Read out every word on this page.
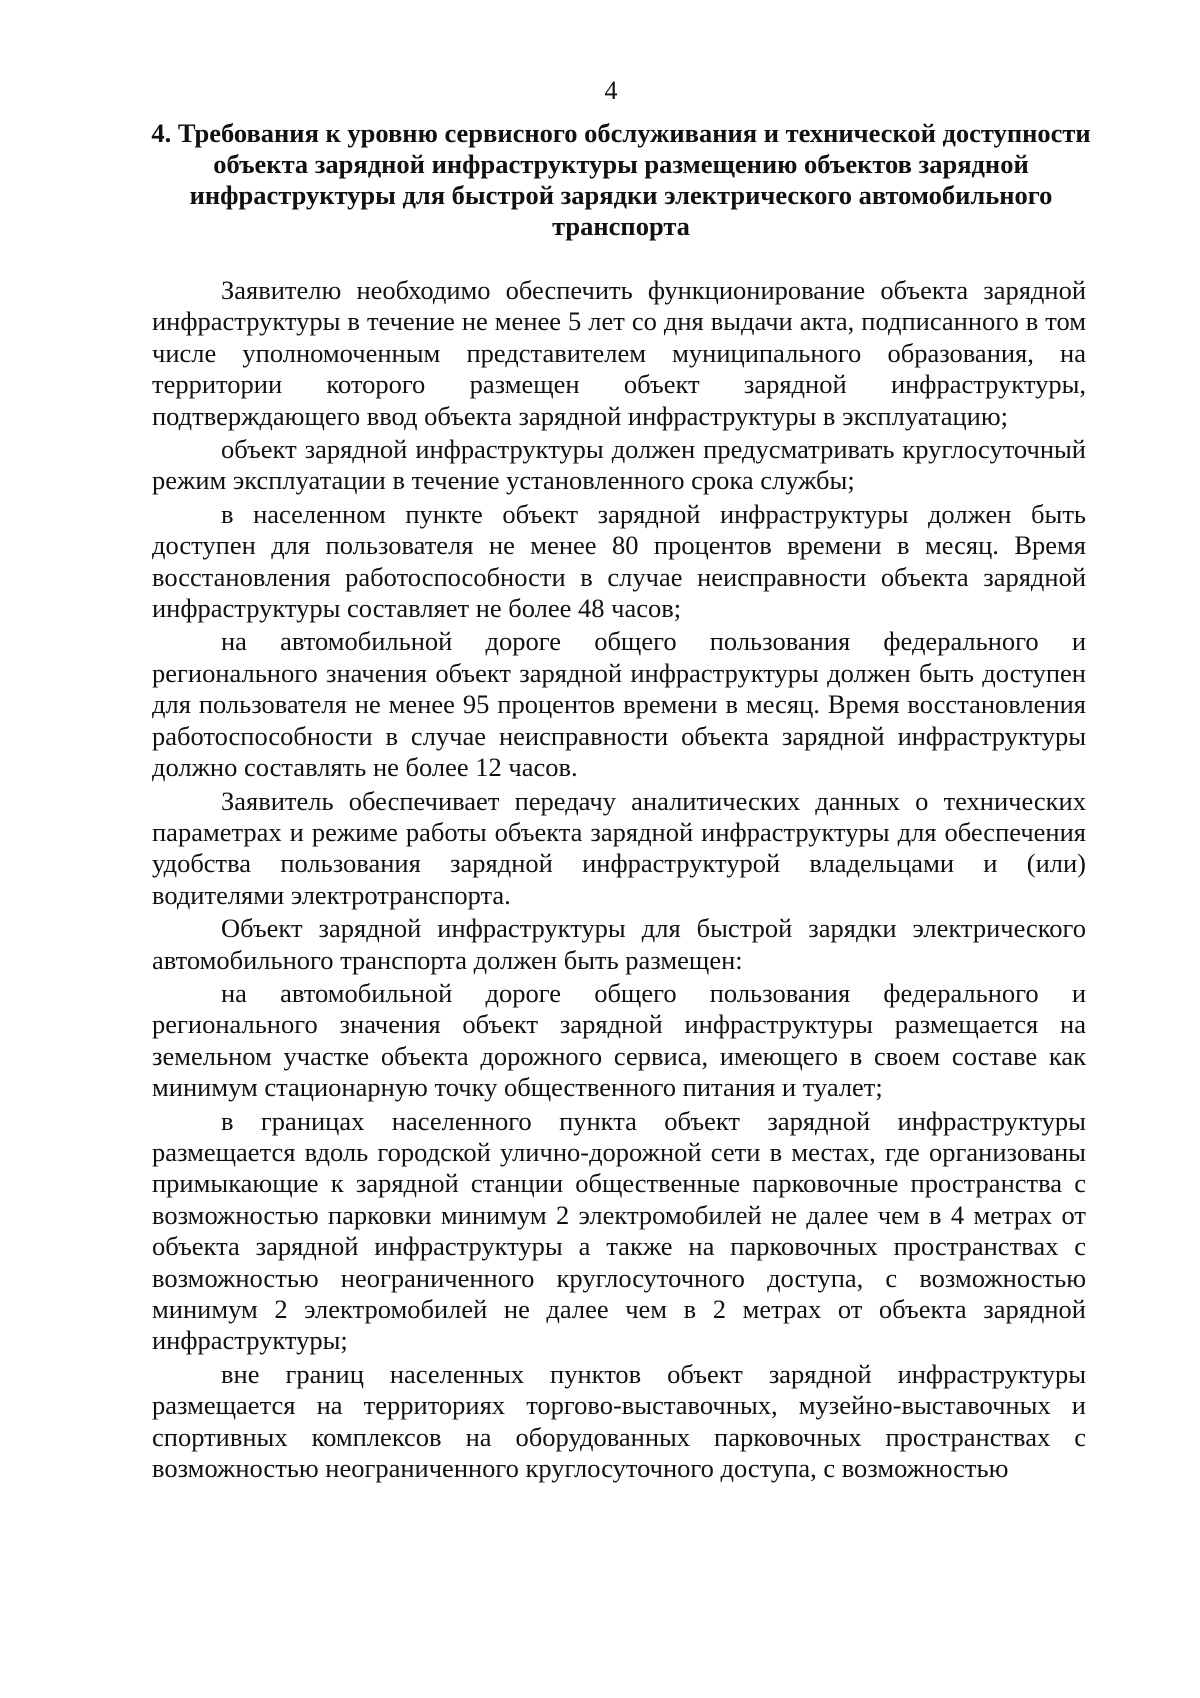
4
4. Требования к уровню сервисного обслуживания и технической доступности объекта зарядной инфраструктуры размещению объектов зарядной инфраструктуры для быстрой зарядки электрического автомобильного транспорта

Заявителю необходимо обеспечить функционирование объекта зарядной инфраструктуры в течение не менее 5 лет со дня выдачи акта, подписанного в том числе уполномоченным представителем муниципального образования, на территории которого размещен объект зарядной инфраструктуры, подтверждающего ввод объекта зарядной инфраструктуры в эксплуатацию;

объект зарядной инфраструктуры должен предусматривать круглосуточный режим эксплуатации в течение установленного срока службы;

в населенном пункте объект зарядной инфраструктуры должен быть доступен для пользователя не менее 80 процентов времени в месяц. Время восстановления работоспособности в случае неисправности объекта зарядной инфраструктуры составляет не более 48 часов;

на автомобильной дороге общего пользования федерального и регионального значения объект зарядной инфраструктуры должен быть доступен для пользователя не менее 95 процентов времени в месяц. Время восстановления работоспособности в случае неисправности объекта зарядной инфраструктуры должно составлять не более 12 часов.

Заявитель обеспечивает передачу аналитических данных о технических параметрах и режиме работы объекта зарядной инфраструктуры для обеспечения удобства пользования зарядной инфраструктурой владельцами и (или) водителями электротранспорта.

Объект зарядной инфраструктуры для быстрой зарядки электрического автомобильного транспорта должен быть размещен:

на автомобильной дороге общего пользования федерального и регионального значения объект зарядной инфраструктуры размещается на земельном участке объекта дорожного сервиса, имеющего в своем составе как минимум стационарную точку общественного питания и туалет;

в границах населенного пункта объект зарядной инфраструктуры размещается вдоль городской улично-дорожной сети в местах, где организованы примыкающие к зарядной станции общественные парковочные пространства с возможностью парковки минимум 2 электромобилей не далее чем в 4 метрах от объекта зарядной инфраструктуры а также на парковочных пространствах с возможностью неограниченного круглосуточного доступа, с возможностью минимум 2 электромобилей не далее чем в 2 метрах от объекта зарядной инфраструктуры;

вне границ населенных пунктов объект зарядной инфраструктуры размещается на территориях торгово-выставочных, музейно-выставочных и спортивных комплексов на оборудованных парковочных пространствах с возможностью неограниченного круглосуточного доступа, с возможностью
